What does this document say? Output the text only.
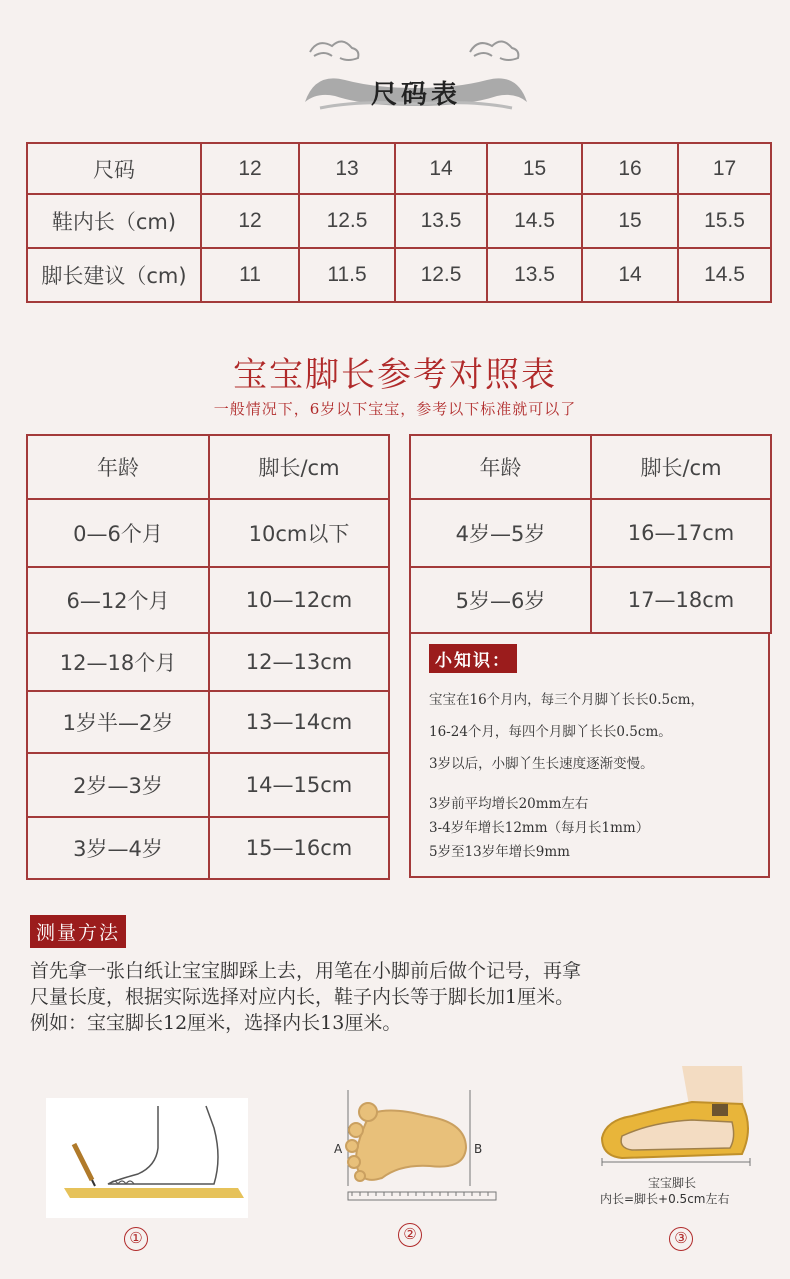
尺码表
尺码	12	13	14	15	16	17
鞋内长（cm)	12	12.5	13.5	14.5	15	15.5
脚长建议（cm)	11	11.5	12.5	13.5	14	14.5
宝宝脚长参考对照表
一般情况下，6岁以下宝宝，参考以下标准就可以了
年龄	脚长/cm
0—6个月	10cm以下
6—12个月	10—12cm
12—18个月	12—13cm
1岁半—2岁	13—14cm
2岁—3岁	14—15cm
3岁—4岁	15—16cm
年龄	脚长/cm
4岁—5岁	16—17cm
5岁—6岁	17—18cm
小知识：
宝宝在16个月内，每三个月脚丫长长0.5cm，
16-24个月，每四个月脚丫长长0.5cm。
3岁以后，小脚丫生长速度逐渐变慢。
3岁前平均增长20mm左右
3-4岁年增长12mm（每月长1mm）
5岁至13岁年增长9mm
测量方法
首先拿一张白纸让宝宝脚踩上去，用笔在小脚前后做个记号，再拿
尺量长度，根据实际选择对应内长，鞋子内长等于脚长加1厘米。
例如：宝宝脚长12厘米，选择内长13厘米。
①
A	B
②
宝宝脚长
内长=脚长+0.5cm左右
③
